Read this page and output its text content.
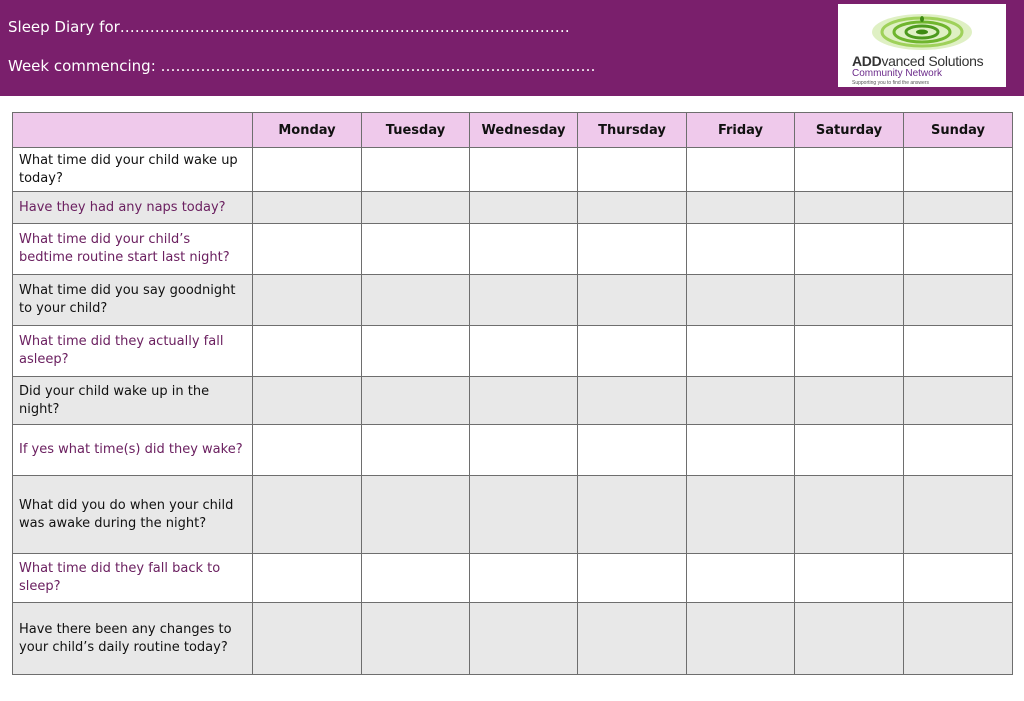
Sleep Diary for………………………………………………………………………………
Week commencing: ……………………………………………………………………………	ADDvanced Solutions
Community Network
Supporting you to find the answers
	Monday	Tuesday	Wednesday	Thursday	Friday	Saturday	Sunday
What time did your child wake up today?							
Have they had any naps today?							
What time did your child’s bedtime routine start last night?							
What time did you say goodnight to your child?							
What time did they actually fall asleep?							
Did your child wake up in the night?							
If yes what time(s) did they wake?							
What did you do when your child was awake during the night?							
What time did they fall back to sleep?							
Have there been any changes to your child’s daily routine today?							
